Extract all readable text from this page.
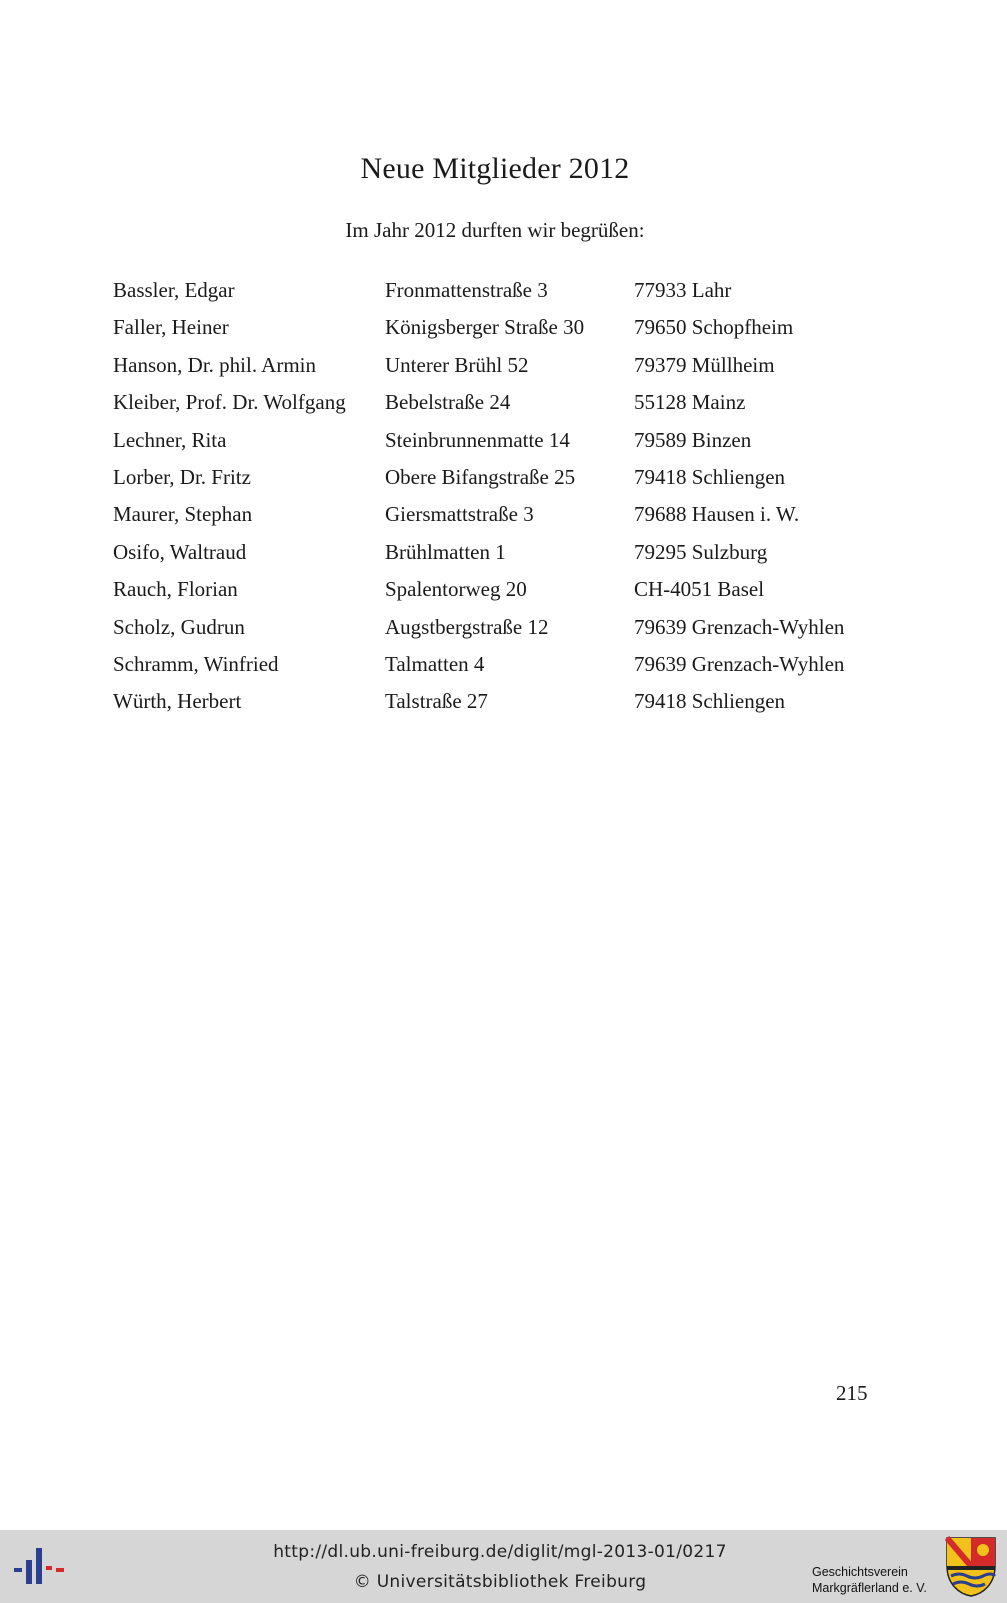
Neue Mitglieder 2012
Im Jahr 2012 durften wir begrüßen:
Bassler, Edgar	Fronmattenstraße 3	77933 Lahr
Faller, Heiner	Königsberger Straße 30 79650 Schopfheim
Hanson, Dr. phil. Armin	Unterer Brühl 52	79379 Müllheim
Kleiber, Prof. Dr. Wolfgang Bebelstraße 24	55128 Mainz
Lechner, Rita	Steinbrunnenmatte 14	79589 Binzen
Lorber, Dr. Fritz	Obere Bifangstraße 25	79418 Schliengen
Maurer, Stephan	Giersmattstraße 3	79688 Hausen i. W.
Osifo, Waltraud	Brühlmatten 1	79295 Sulzburg
Rauch, Florian	Spalentorweg 20	CH-4051 Basel
Scholz, Gudrun	Augstbergstraße 12	79639 Grenzach-Wyhlen
Schramm, Winfried	Talmatten 4	79639 Grenzach-Wyhlen
Würth, Herbert	Talstraße 27	79418 Schliengen
215
http://dl.ub.uni-freiburg.de/diglit/mgl-2013-01/0217
© Universitätsbibliothek Freiburg	Geschichtsverein
Markgräflerland e. V.
